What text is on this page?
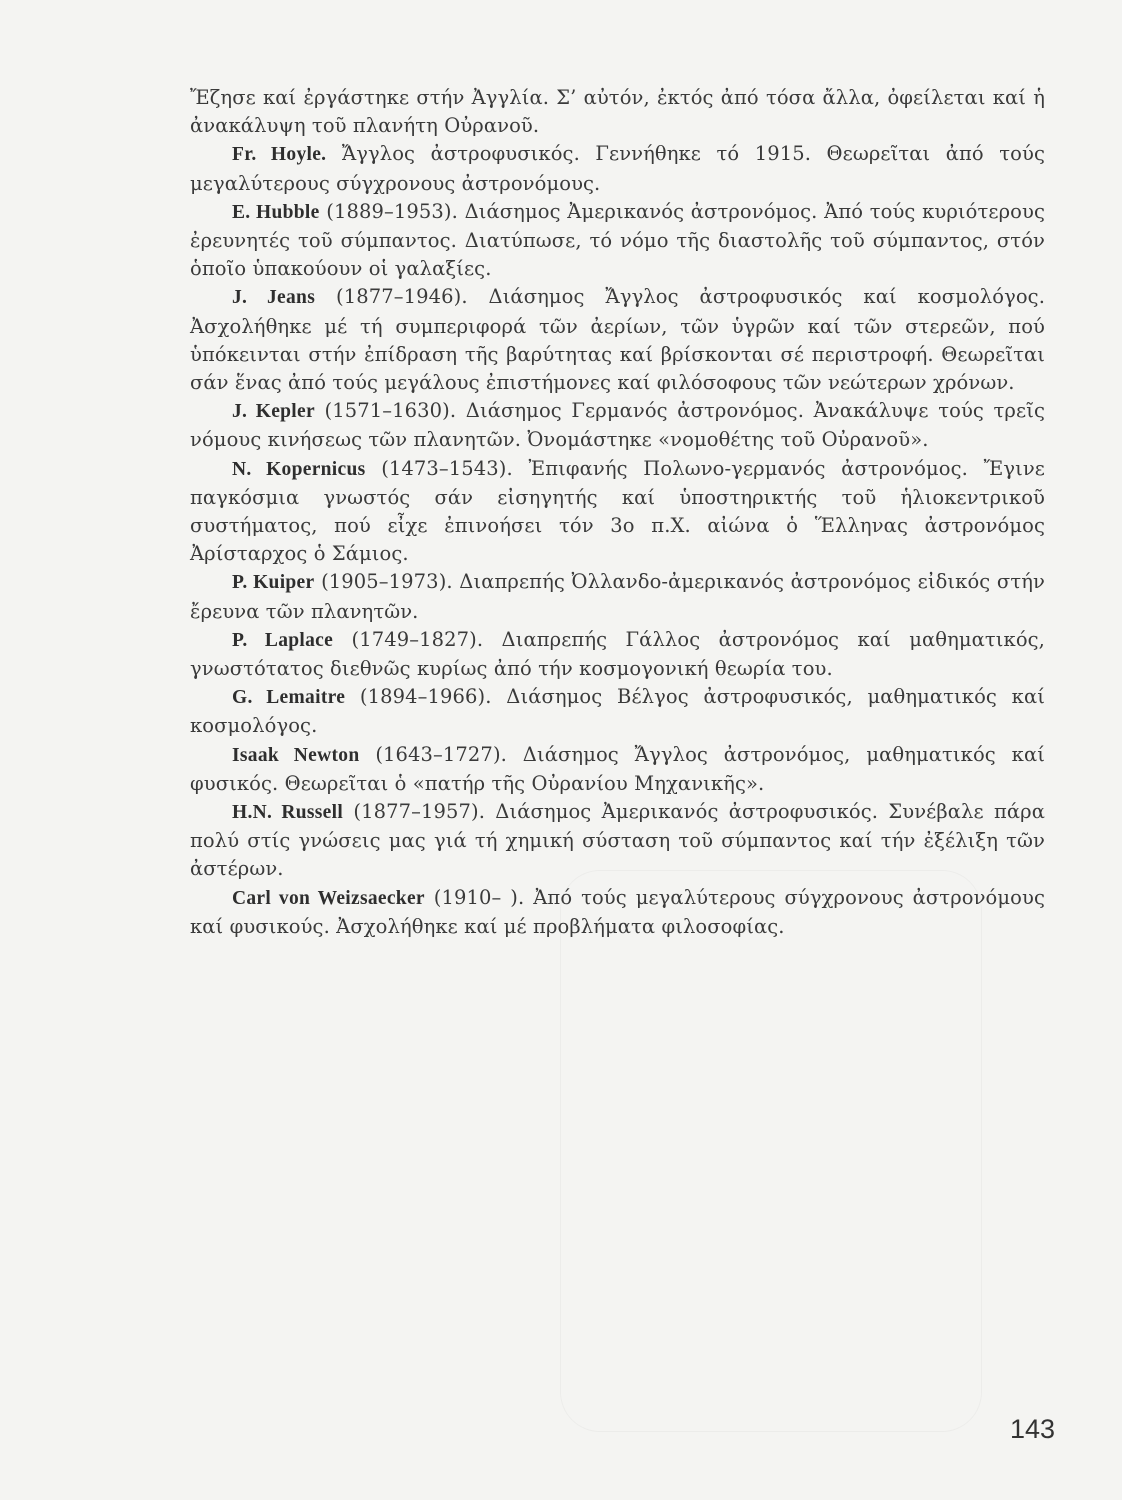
Ἔζησε καί ἐργάστηκε στήν Ἀγγλία. Σ’ αὐτόν, ἐκτός ἀπό τόσα ἄλλα, ὀφείλεται καί ἡ ἀνακάλυψη τοῦ πλανήτη Οὐρανοῦ.

Fr. Hoyle. Ἄγγλος ἀστροφυσικός. Γεννήθηκε τό 1915. Θεωρεῖται ἀπό τούς μεγαλύτερους σύγχρονους ἀστρονόμους.

E. Hubble (1889–1953). Διάσημος Ἀμερικανός ἀστρονόμος. Ἀπό τούς κυριότερους ἐρευνητές τοῦ σύμπαντος. Διατύπωσε, τό νόμο τῆς διαστολῆς τοῦ σύμπαντος, στόν ὁποῖο ὑπακούουν οἱ γαλαξίες.

J. Jeans (1877–1946). Διάσημος Ἄγγλος ἀστροφυσικός καί κοσμολόγος. Ἀσχολήθηκε μέ τή συμπεριφορά τῶν ἀερίων, τῶν ὑγρῶν καί τῶν στερεῶν, πού ὑπόκεινται στήν ἐπίδραση τῆς βαρύτητας καί βρίσκονται σέ περιστροφή. Θεωρεῖται σάν ἕνας ἀπό τούς μεγάλους ἐπιστήμονες καί φιλόσοφους τῶν νεώτερων χρόνων.

J. Kepler (1571–1630). Διάσημος Γερμανός ἀστρονόμος. Ἀνακάλυψε τούς τρεῖς νόμους κινήσεως τῶν πλανητῶν. Ὀνομάστηκε «νομοθέτης τοῦ Οὐρανοῦ».

N. Kopernicus (1473–1543). Ἐπιφανής Πολωνο-γερμανός ἀστρονόμος. Ἔγινε παγκόσμια γνωστός σάν εἰσηγητής καί ὑποστηρικτής τοῦ ἡλιοκεντρικοῦ συστήματος, πού εἶχε ἐπινοήσει τόν 3ο π.Χ. αἰώνα ὁ Ἕλληνας ἀστρονόμος Ἀρίσταρχος ὁ Σάμιος.

P. Kuiper (1905–1973). Διαπρεπής Ὀλλανδο-ἀμερικανός ἀστρονόμος εἰδικός στήν ἔρευνα τῶν πλανητῶν.

P. Laplace (1749–1827). Διαπρεπής Γάλλος ἀστρονόμος καί μαθηματικός, γνωστότατος διεθνῶς κυρίως ἀπό τήν κοσμογονική θεωρία του.

G. Lemaitre (1894–1966). Διάσημος Βέλγος ἀστροφυσικός, μαθηματικός καί κοσμολόγος.

Isaak Newton (1643–1727). Διάσημος Ἄγγλος ἀστρονόμος, μαθηματικός καί φυσικός. Θεωρεῖται ὁ «πατήρ τῆς Οὐρανίου Μηχανικῆς».

H.N. Russell (1877–1957). Διάσημος Ἀμερικανός ἀστροφυσικός. Συνέβαλε πάρα πολύ στίς γνώσεις μας γιά τή χημική σύσταση τοῦ σύμπαντος καί τήν ἐξέλιξη τῶν ἀστέρων.

Carl von Weizsaecker (1910– ). Ἀπό τούς μεγαλύτερους σύγχρονους ἀστρονόμους καί φυσικούς. Ἀσχολήθηκε καί μέ προβλήματα φιλοσοφίας.

143
